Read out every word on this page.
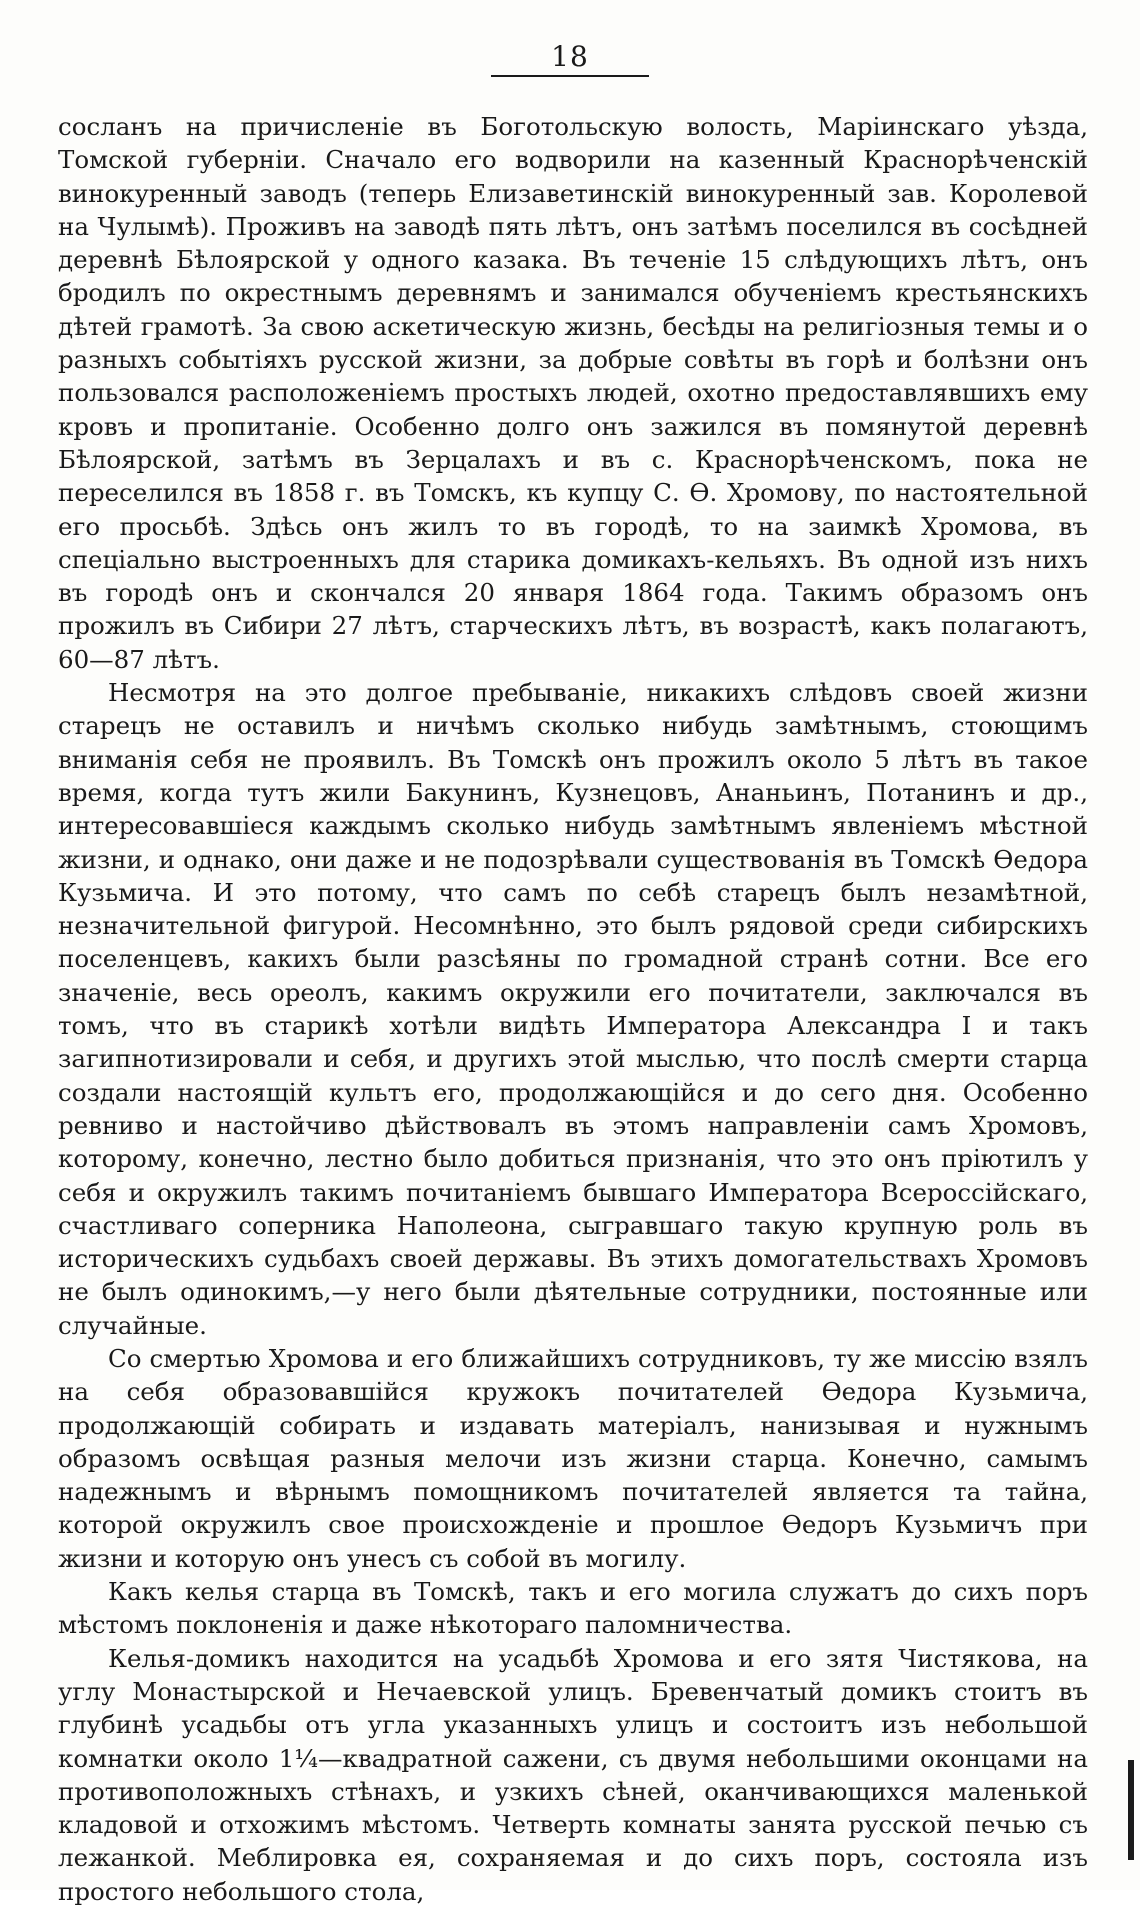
18

сосланъ на причисленіе въ Боготольскую волость, Маріинскаго уѣзда, Томской губерніи. Сначало его водворили на казенный Краснорѣченскій винокуренный заводъ (теперь Елизаветинскій винокуренный зав. Королевой на Чулымѣ). Проживъ на заводѣ пять лѣтъ, онъ затѣмъ поселился въ сосѣдней деревнѣ Бѣлоярской у одного казака. Въ теченіе 15 слѣдующихъ лѣтъ, онъ бродилъ по окрестнымъ деревнямъ и занимался обученіемъ крестьянскихъ дѣтей грамотѣ. За свою аскетическую жизнь, бесѣды на религіозныя темы и о разныхъ событіяхъ русской жизни, за добрые совѣты въ горѣ и болѣзни онъ пользовался расположеніемъ простыхъ людей, охотно предоставлявшихъ ему кровъ и пропитаніе. Особенно долго онъ зажился въ помянутой деревнѣ Бѣлоярской, затѣмъ въ Зерцалахъ и въ с. Краснорѣченскомъ, пока не переселился въ 1858 г. въ Томскъ, къ купцу С. Ѳ. Хромову, по настоятельной его просьбѣ. Здѣсь онъ жилъ то въ городѣ, то на заимкѣ Хромова, въ спеціально выстроенныхъ для старика домикахъ-кельяхъ. Въ одной изъ нихъ въ городѣ онъ и скончался 20 января 1864 года. Такимъ образомъ онъ прожилъ въ Сибири 27 лѣтъ, старческихъ лѣтъ, въ возрастѣ, какъ полагаютъ, 60—87 лѣтъ.

Несмотря на это долгое пребываніе, никакихъ слѣдовъ своей жизни старецъ не оставилъ и ничѣмъ сколько нибудь замѣтнымъ, стоющимъ вниманія себя не проявилъ. Въ Томскѣ онъ прожилъ около 5 лѣтъ въ такое время, когда тутъ жили Бакунинъ, Кузнецовъ, Ананьинъ, Потанинъ и др., интересовавшіеся каждымъ сколько нибудь замѣтнымъ явленіемъ мѣстной жизни, и однако, они даже и не подозрѣвали существованія въ Томскѣ Ѳедора Кузьмича. И это потому, что самъ по себѣ старецъ былъ незамѣтной, незначительной фигурой. Несомнѣнно, это былъ рядовой среди сибирскихъ поселенцевъ, какихъ были разсѣяны по громадной странѣ сотни. Все его значеніе, весь ореолъ, какимъ окружили его почитатели, заключался въ томъ, что въ старикѣ хотѣли видѣть Императора Александра I и такъ загипнотизировали и себя, и другихъ этой мыслью, что послѣ смерти старца создали настоящій культъ его, продолжающійся и до сего дня. Особенно ревниво и настойчиво дѣйствовалъ въ этомъ направленіи самъ Хромовъ, которому, конечно, лестно было добиться признанія, что это онъ пріютилъ у себя и окружилъ такимъ почитаніемъ бывшаго Императора Всероссійскаго, счастливаго соперника Наполеона, сыгравшаго такую крупную роль въ историческихъ судьбахъ своей державы. Въ этихъ домогательствахъ Хромовъ не былъ одинокимъ,—у него были дѣятельные сотрудники, постоянные или случайные.

Со смертью Хромова и его ближайшихъ сотрудниковъ, ту же миссію взялъ на себя образовавшійся кружокъ почитателей Ѳедора Кузьмича, продолжающій собирать и издавать матеріалъ, нанизывая и нужнымъ образомъ освѣщая разныя мелочи изъ жизни старца. Конечно, самымъ надежнымъ и вѣрнымъ помощникомъ почитателей является та тайна, которой окружилъ свое происхожденіе и прошлое Ѳедоръ Кузьмичъ при жизни и которую онъ унесъ съ собой въ могилу.

Какъ келья старца въ Томскѣ, такъ и его могила служатъ до сихъ поръ мѣстомъ поклоненія и даже нѣкотораго паломничества.

Келья-домикъ находится на усадьбѣ Хромова и его зятя Чистякова, на углу Монастырской и Нечаевской улицъ. Бревенчатый домикъ стоитъ въ глубинѣ усадьбы отъ угла указанныхъ улицъ и состоитъ изъ небольшой комнатки около 1¼—квадратной сажени, съ двумя небольшими оконцами на противоположныхъ стѣнахъ, и узкихъ сѣней, оканчивающихся маленькой кладовой и отхожимъ мѣстомъ. Четверть комнаты занята русской печью съ лежанкой. Меблировка ея, сохраняемая и до сихъ поръ, состояла изъ простого небольшого стола,
